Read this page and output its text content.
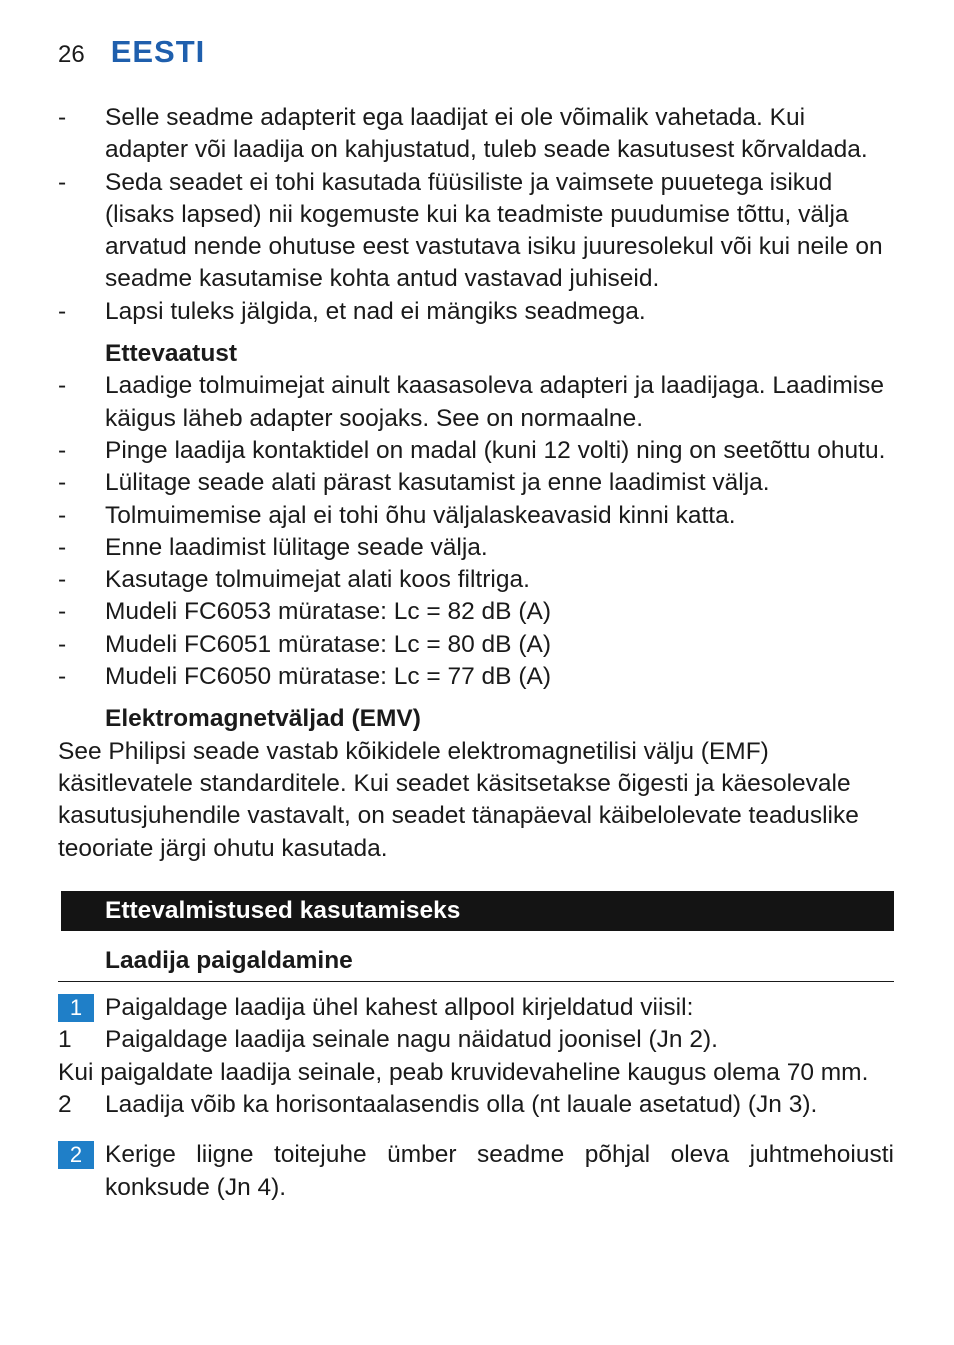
26 EESTI
- Selle seadme adapterit ega laadijat ei ole võimalik vahetada. Kui adapter või laadija on kahjustatud, tuleb seade kasutusest kõrvaldada.
- Seda seadet ei tohi kasutada füüsiliste ja vaimsete puuetega isikud (lisaks lapsed) nii kogemuste kui ka teadmiste puudumise tõttu, välja arvatud nende ohutuse eest vastutava isiku juuresolekul või kui neile on seadme kasutamise kohta antud vastavad juhiseid.
- Lapsi tuleks jälgida, et nad ei mängiks seadmega.
Ettevaatust
- Laadige tolmuimejat ainult kaasasoleva adapteri ja laadijaga. Laadimise käigus läheb adapter soojaks. See on normaalne.
- Pinge laadija kontaktidel on madal (kuni 12 volti) ning on seetõttu ohutu.
- Lülitage seade alati pärast kasutamist ja enne laadimist välja.
- Tolmuimemise ajal ei tohi õhu väljalaskeavasid kinni katta.
- Enne laadimist lülitage seade välja.
- Kasutage tolmuimejat alati koos filtriga.
- Mudeli FC6053 müratase: Lc = 82 dB (A)
- Mudeli FC6051 müratase: Lc = 80 dB (A)
- Mudeli FC6050 müratase: Lc = 77 dB (A)
Elektromagnetväljad (EMV)

See Philipsi seade vastab kõikidele elektromagnetilisi välju (EMF) käsitlevatele standarditele. Kui seadet käsitsetakse õigesti ja käesolevale kasutusjuhendile vastavalt, on seadet tänapäeval käibelolevate teaduslike teooriate järgi ohutu kasutada.

Ettevalmistused kasutamiseks
Laadija paigaldamine
1 Paigaldage laadija ühel kahest allpool kirjeldatud viisil:
1 Paigaldage laadija seinale nagu näidatud joonisel (Jn 2).

Kui paigaldate laadija seinale, peab kruvidevaheline kaugus olema 70 mm.

2 Laadija võib ka horisontaalasendis olla (nt lauale asetatud) (Jn 3).
2 Kerige liigne toitejuhe ümber seadme põhjal oleva juhtmehoiusti konksude (Jn 4).
